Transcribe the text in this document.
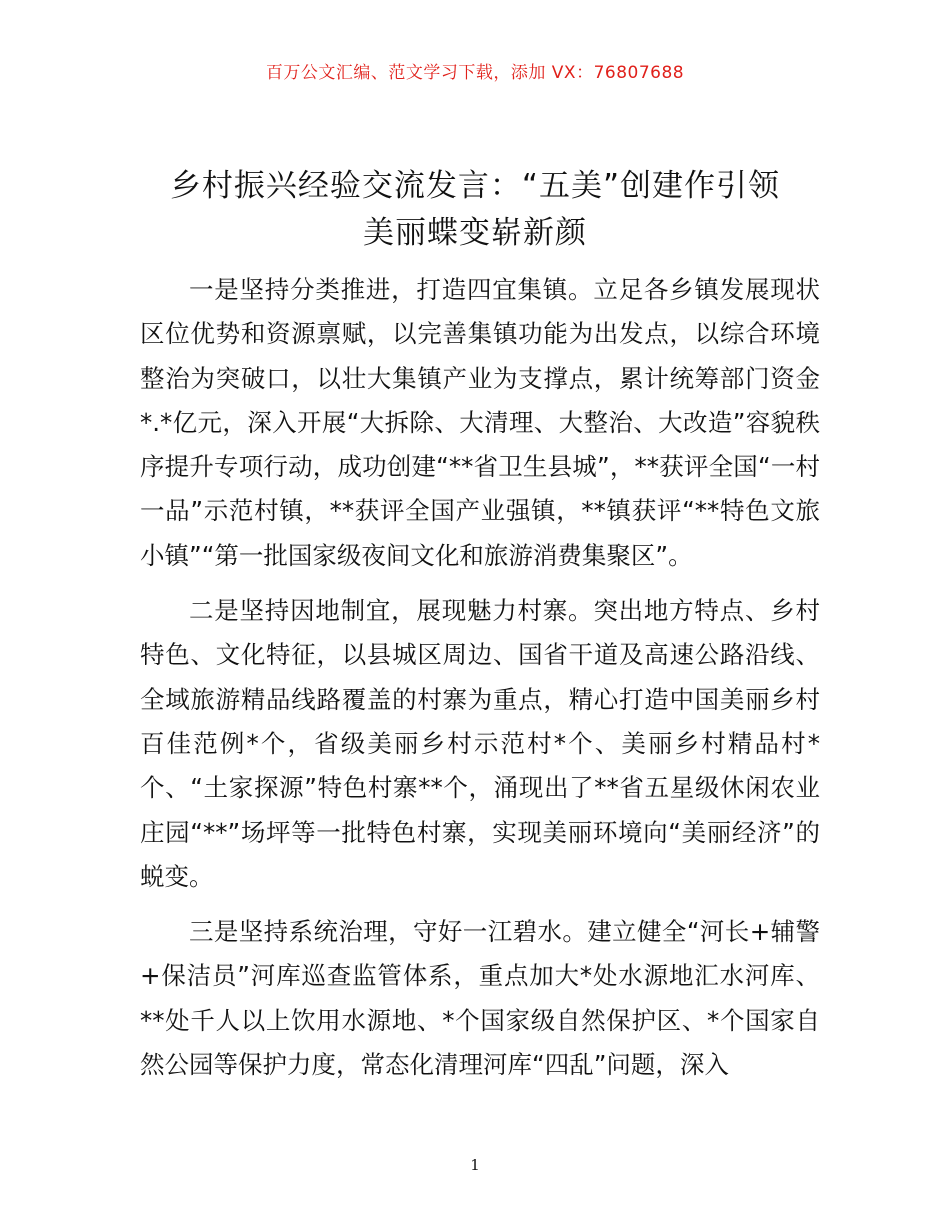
百万公文汇编、范文学习下载，添加 VX：76807688
乡村振兴经验交流发言：“五美”创建作引领
美丽蝶变崭新颜

一是坚持分类推进，打造四宜集镇。立足各乡镇发展现状区位优势和资源禀赋，以完善集镇功能为出发点，以综合环境整治为突破口，以壮大集镇产业为支撑点，累计统筹部门资金*.*亿元，深入开展“大拆除、大清理、大整治、大改造”容貌秩序提升专项行动，成功创建“**省卫生县城”，**获评全国“一村一品”示范村镇，**获评全国产业强镇，**镇获评“**特色文旅小镇”“第一批国家级夜间文化和旅游消费集聚区”。

二是坚持因地制宜，展现魅力村寨。突出地方特点、乡村特色、文化特征，以县城区周边、国省干道及高速公路沿线、全域旅游精品线路覆盖的村寨为重点，精心打造中国美丽乡村百佳范例*个，省级美丽乡村示范村*个、美丽乡村精品村*个、“土家探源”特色村寨**个，涌现出了**省五星级休闲农业庄园“**”场坪等一批特色村寨，实现美丽环境向“美丽经济”的蜕变。

三是坚持系统治理，守好一江碧水。建立健全“河长+辅警+保洁员”河库巡查监管体系，重点加大*处水源地汇水河库、**处千人以上饮用水源地、*个国家级自然保护区、*个国家自然公园等保护力度，常态化清理河库“四乱”问题，深入

1
